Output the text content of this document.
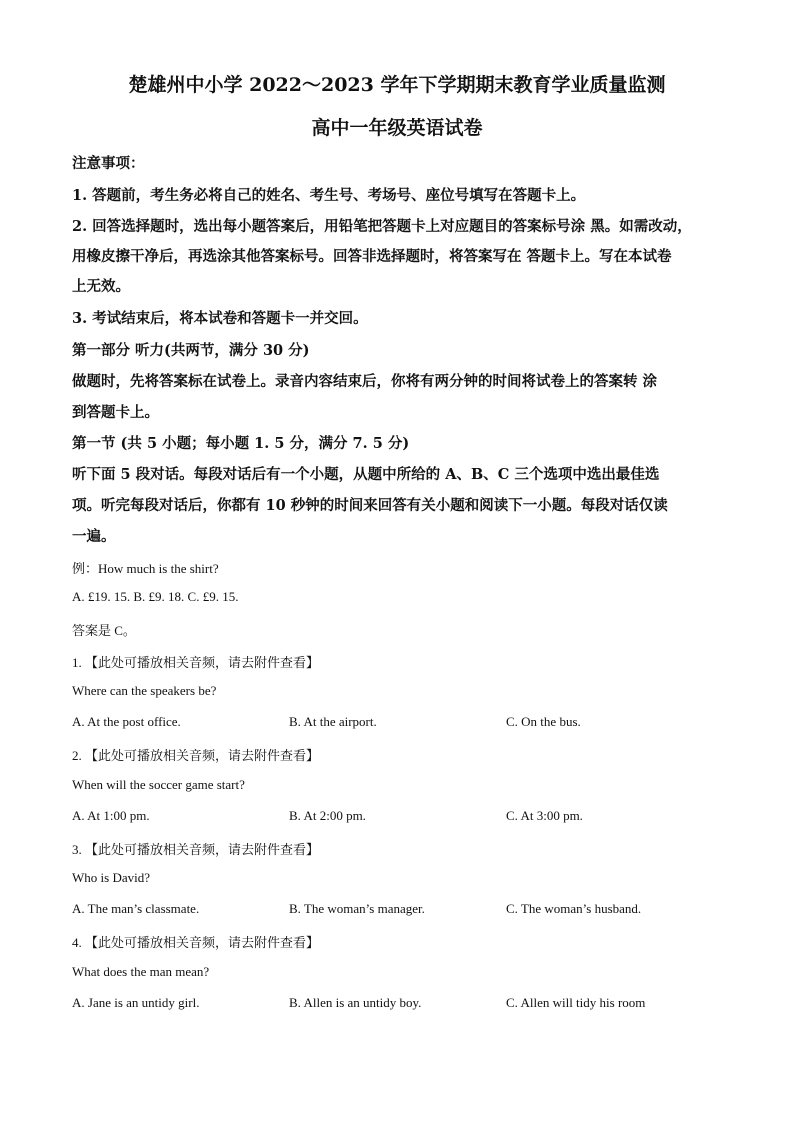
楚雄州中小学 2022～2023 学年下学期期末教育学业质量监测
高中一年级英语试卷
注意事项：
1. 答题前，考生务必将自己的姓名、考生号、考场号、座位号填写在答题卡上。
2. 回答选择题时，选出每小题答案后，用铅笔把答题卡上对应题目的答案标号涂 黑。如需改动，
用橡皮擦干净后，再选涂其他答案标号。回答非选择题时，将答案写在 答题卡上。写在本试卷
上无效。
3. 考试结束后，将本试卷和答题卡一并交回。
第一部分 听力(共两节，满分 30 分)
做题时，先将答案标在试卷上。录音内容结束后，你将有两分钟的时间将试卷上的答案转 涂
到答题卡上。
第一节 (共 5 小题；每小题 1. 5 分，满分 7. 5 分)
听下面 5 段对话。每段对话后有一个小题，从题中所给的 A、B、C 三个选项中选出最佳选
项。听完每段对话后，你都有 10 秒钟的时间来回答有关小题和阅读下一小题。每段对话仅读
一遍。
例：How much is the shirt?
A. £19. 15. B. £9. 18. C. £9. 15.
答案是 C。
1. 【此处可播放相关音频，请去附件查看】
Where can the speakers be?
A. At the post office.	B. At the airport.	C. On the bus.
2. 【此处可播放相关音频，请去附件查看】
When will the soccer game start?
A. At 1:00 pm.	B. At 2:00 pm.	C. At 3:00 pm.
3. 【此处可播放相关音频，请去附件查看】
Who is David?
A. The man’s classmate.	B. The woman’s manager.	C. The woman’s husband.
4. 【此处可播放相关音频，请去附件查看】
What does the man mean?
A. Jane is an untidy girl.	B. Allen is an untidy boy.	C. Allen will tidy his room
